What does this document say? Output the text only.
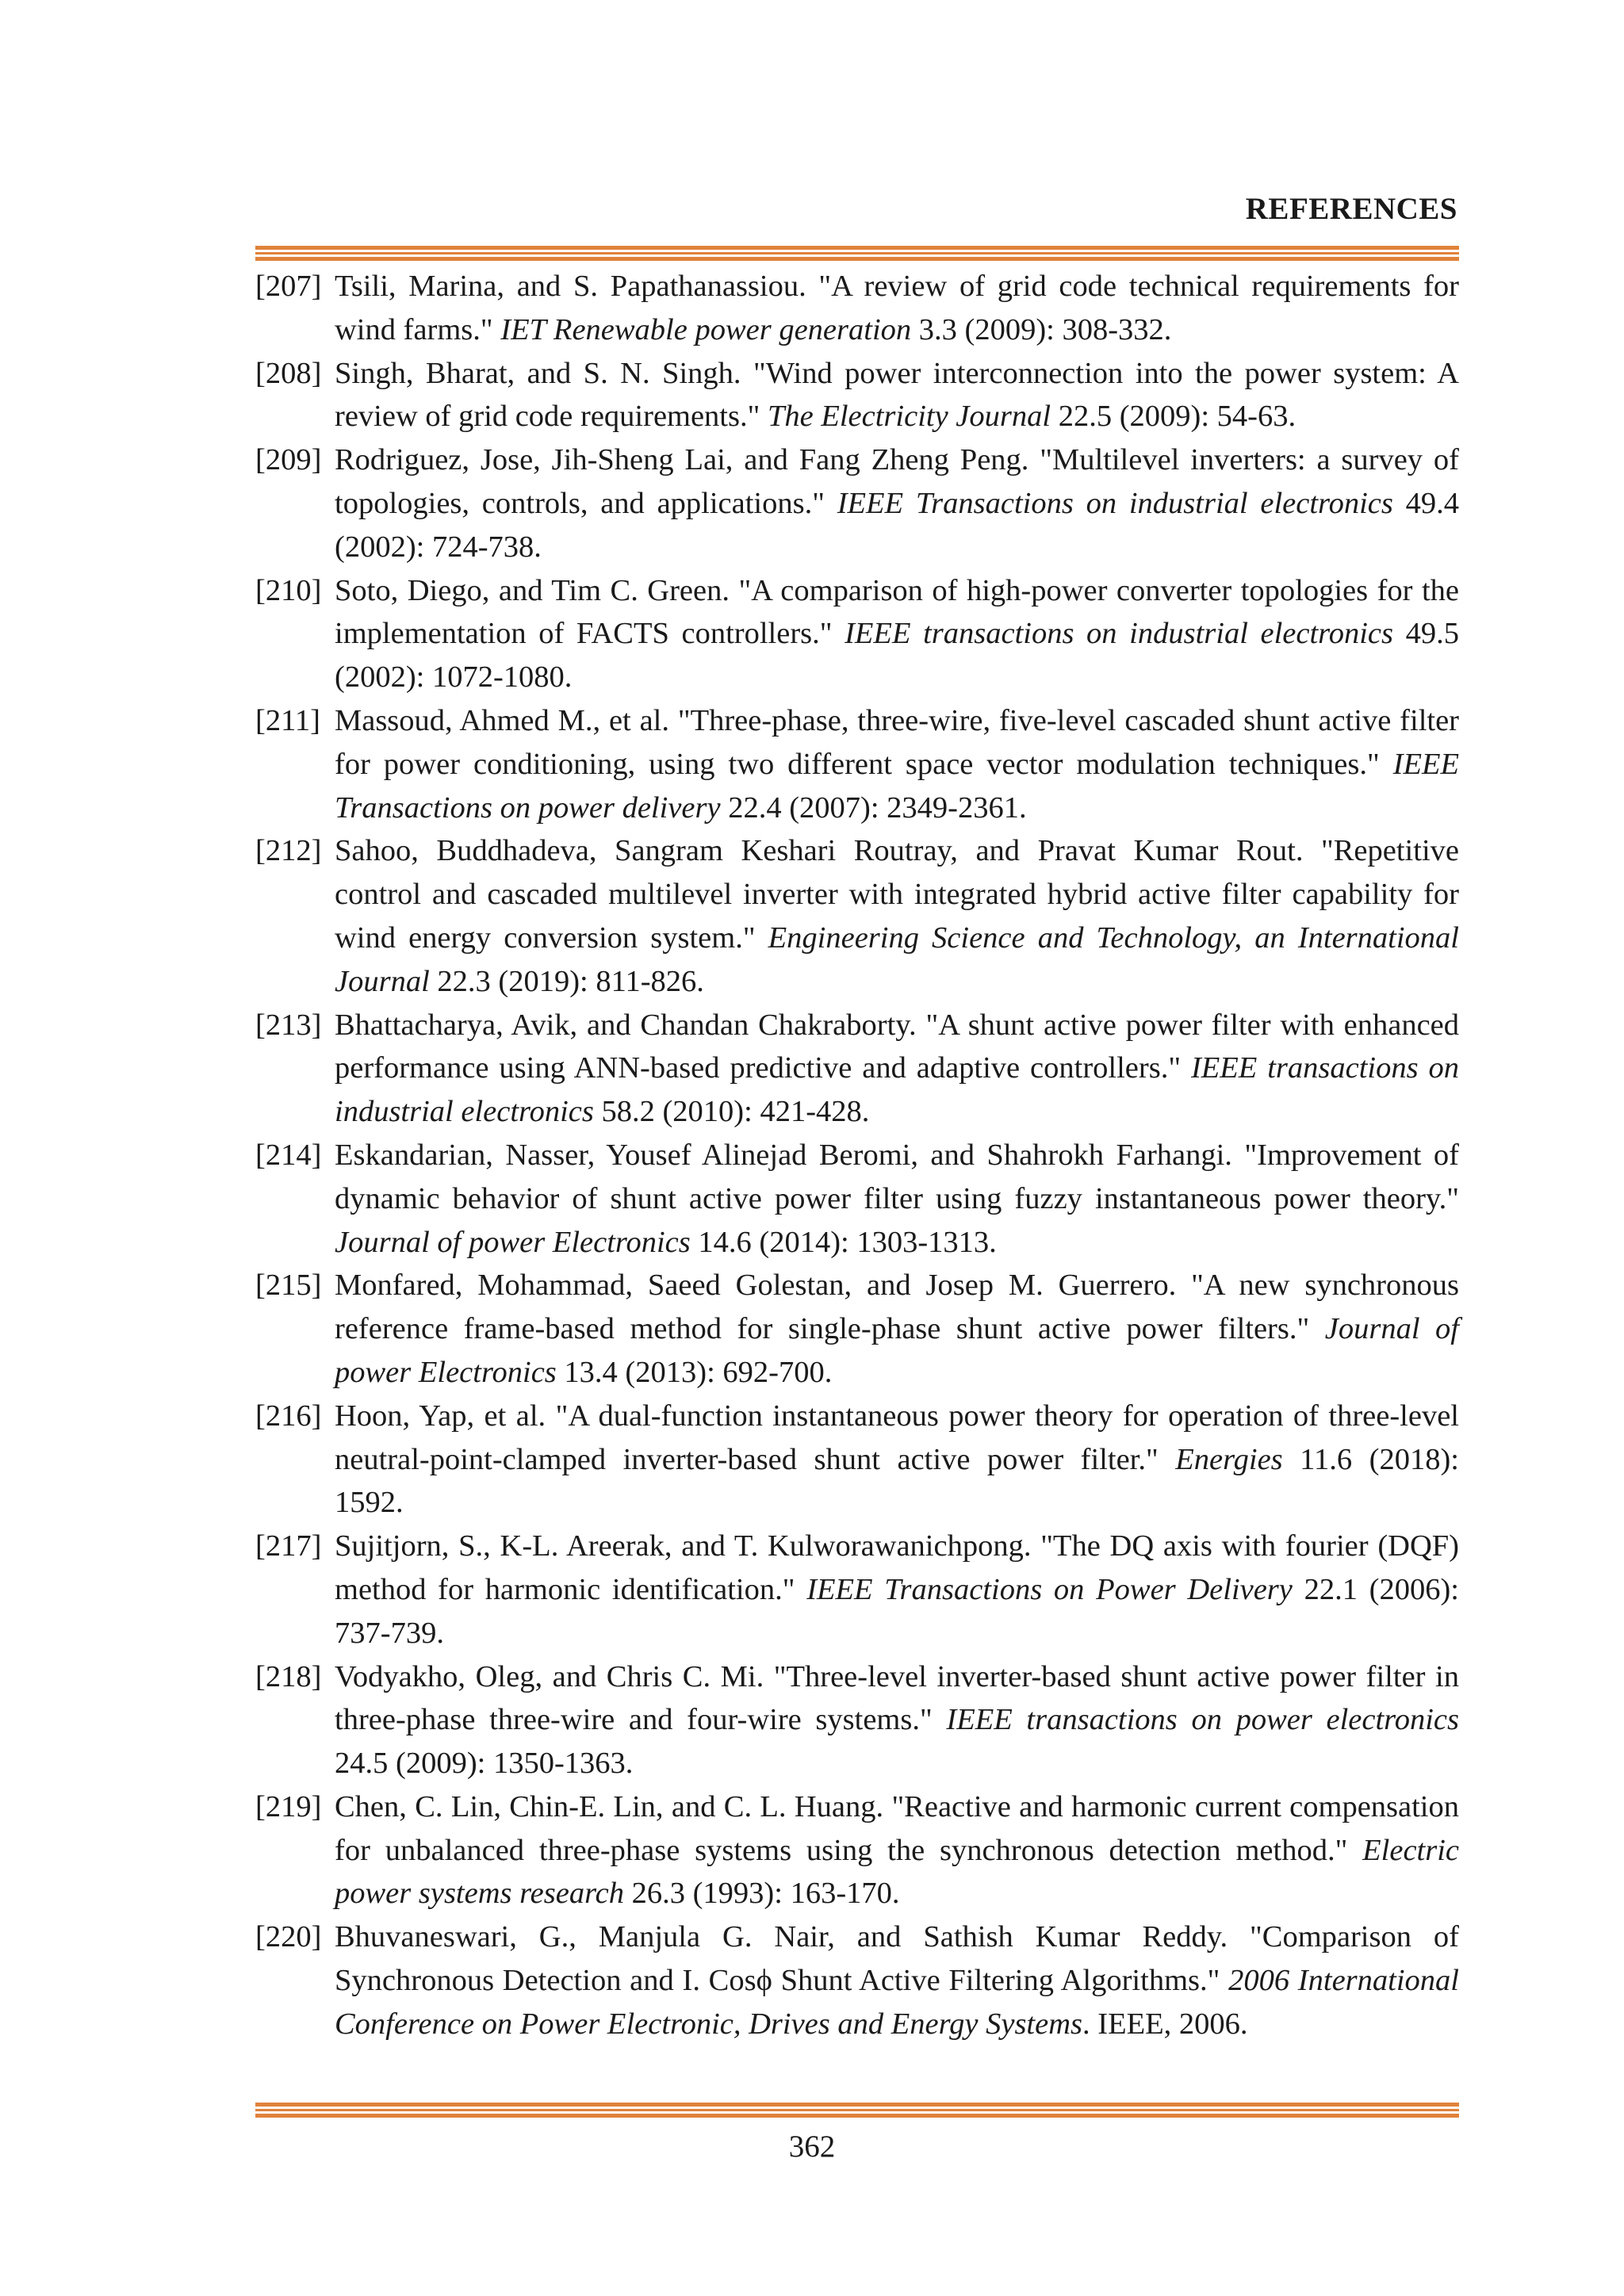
REFERENCES
[207] Tsili, Marina, and S. Papathanassiou. "A review of grid code technical requirements for wind farms." IET Renewable power generation 3.3 (2009): 308-332.
[208] Singh, Bharat, and S. N. Singh. "Wind power interconnection into the power system: A review of grid code requirements." The Electricity Journal 22.5 (2009): 54-63.
[209] Rodriguez, Jose, Jih-Sheng Lai, and Fang Zheng Peng. "Multilevel inverters: a survey of topologies, controls, and applications." IEEE Transactions on industrial electronics 49.4 (2002): 724-738.
[210] Soto, Diego, and Tim C. Green. "A comparison of high-power converter topologies for the implementation of FACTS controllers." IEEE transactions on industrial electronics 49.5 (2002): 1072-1080.
[211] Massoud, Ahmed M., et al. "Three-phase, three-wire, five-level cascaded shunt active filter for power conditioning, using two different space vector modulation techniques." IEEE Transactions on power delivery 22.4 (2007): 2349-2361.
[212] Sahoo, Buddhadeva, Sangram Keshari Routray, and Pravat Kumar Rout. "Repetitive control and cascaded multilevel inverter with integrated hybrid active filter capability for wind energy conversion system." Engineering Science and Technology, an International Journal 22.3 (2019): 811-826.
[213] Bhattacharya, Avik, and Chandan Chakraborty. "A shunt active power filter with enhanced performance using ANN-based predictive and adaptive controllers." IEEE transactions on industrial electronics 58.2 (2010): 421-428.
[214] Eskandarian, Nasser, Yousef Alinejad Beromi, and Shahrokh Farhangi. "Improvement of dynamic behavior of shunt active power filter using fuzzy instantaneous power theory." Journal of power Electronics 14.6 (2014): 1303-1313.
[215] Monfared, Mohammad, Saeed Golestan, and Josep M. Guerrero. "A new synchronous reference frame-based method for single-phase shunt active power filters." Journal of power Electronics 13.4 (2013): 692-700.
[216] Hoon, Yap, et al. "A dual-function instantaneous power theory for operation of three-level neutral-point-clamped inverter-based shunt active power filter." Energies 11.6 (2018): 1592.
[217] Sujitjorn, S., K-L. Areerak, and T. Kulworawanichpong. "The DQ axis with fourier (DQF) method for harmonic identification." IEEE Transactions on Power Delivery 22.1 (2006): 737-739.
[218] Vodyakho, Oleg, and Chris C. Mi. "Three-level inverter-based shunt active power filter in three-phase three-wire and four-wire systems." IEEE transactions on power electronics 24.5 (2009): 1350-1363.
[219] Chen, C. Lin, Chin-E. Lin, and C. L. Huang. "Reactive and harmonic current compensation for unbalanced three-phase systems using the synchronous detection method." Electric power systems research 26.3 (1993): 163-170.
[220] Bhuvaneswari, G., Manjula G. Nair, and Sathish Kumar Reddy. "Comparison of Synchronous Detection and I. Cosϕ Shunt Active Filtering Algorithms." 2006 International Conference on Power Electronic, Drives and Energy Systems. IEEE, 2006.
362
